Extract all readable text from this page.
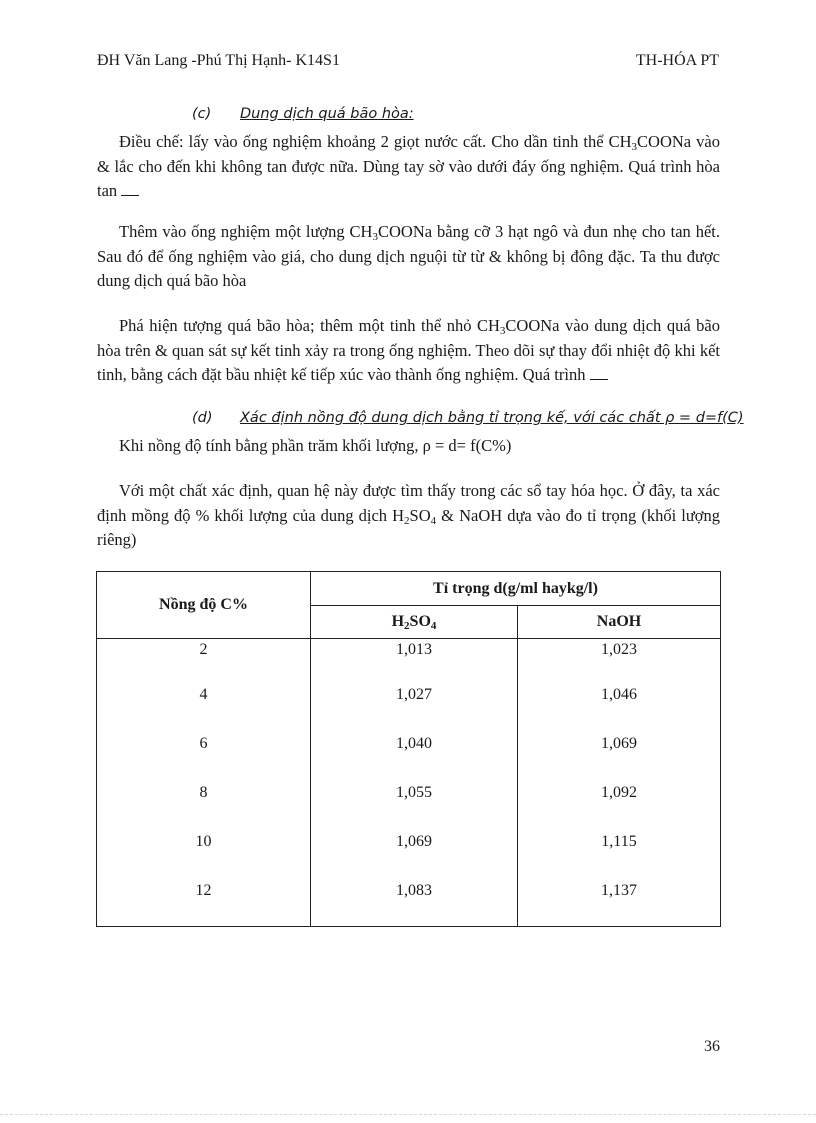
ĐH Văn Lang -Phú Thị Hạnh- K14S1	TH-HÓA PT
(c) Dung dịch quá bão hòa:
Điều chế: lấy vào ống nghiệm khoảng 2 giọt nước cất. Cho dần tinh thể $CH_3COONa$ vào & lắc cho đến khi không tan được nữa. Dùng tay sờ vào dưới đáy ống nghiệm. Quá trình hòa tan
Thêm vào ống nghiệm một lượng $CH_3COONa$ bằng cỡ 3 hạt ngô và đun nhẹ cho tan hết. Sau đó để ống nghiệm vào giá, cho dung dịch nguội từ từ & không bị đông đặc. Ta thu được dung dịch quá bão hòa
Phá hiện tượng quá bão hòa; thêm một tinh thể nhỏ $CH_3COONa$ vào dung dịch quá bão hòa trên & quan sát sự kết tinh xảy ra trong ống nghiệm. Theo dõi sự thay đổi nhiệt độ khi kết tinh, bằng cách đặt bầu nhiệt kế tiếp xúc vào thành ống nghiệm. Quá trình
(d) Xác định nồng độ dung dịch bằng tỉ trọng kế, với các chất ρ = d=f(C)
Khi nồng độ tính bằng phần trăm khối lượng, ρ = d= f(C%)
Với một chất xác định, quan hệ này được tìm thấy trong các sổ tay hóa học. Ở đây, ta xác định mồng độ % khối lượng của dung dịch $H_2SO_4$ & NaOH dựa vào đo tỉ trọng (khối lượng riêng)
Nồng độ C%	Tỉ trọng d(g/ml haykg/l)	
	$H_2SO_4$	NaOH
2	1,013	1,023
4	1,027	1,046
6	1,040	1,069
8	1,055	1,092
10	1,069	1,115
12	1,083	1,137
36
